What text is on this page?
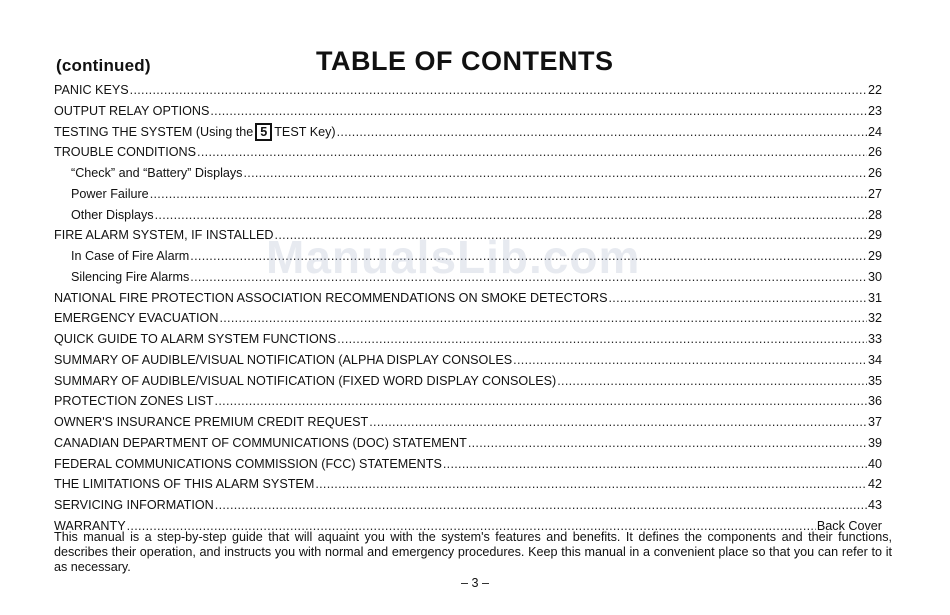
(continued)	TABLE OF CONTENTS
PANIC KEYS .....	22
OUTPUT RELAY OPTIONS .....	23
TESTING THE SYSTEM (Using the 5 TEST Key) .....	24
TROUBLE CONDITIONS .....	26
“Check” and “Battery” Displays .....	26
Power Failure .....	27
Other Displays .....	28
FIRE ALARM SYSTEM, IF INSTALLED .....	29
In Case of Fire Alarm .....	29
Silencing Fire Alarms .....	30
NATIONAL FIRE PROTECTION ASSOCIATION RECOMMENDATIONS ON SMOKE DETECTORS .....	31
EMERGENCY EVACUATION .....	32
QUICK GUIDE TO ALARM SYSTEM FUNCTIONS .....	33
SUMMARY OF AUDIBLE/VISUAL NOTIFICATION (ALPHA DISPLAY CONSOLES .....	34
SUMMARY OF AUDIBLE/VISUAL NOTIFICATION (FIXED WORD DISPLAY CONSOLES) .....	35
PROTECTION ZONES LIST .....	36
OWNER'S INSURANCE PREMIUM CREDIT REQUEST .....	37
CANADIAN DEPARTMENT OF COMMUNICATIONS (DOC) STATEMENT .....	39
FEDERAL COMMUNICATIONS COMMISSION (FCC) STATEMENTS .....	40
THE LIMITATIONS OF THIS ALARM SYSTEM .....	42
SERVICING INFORMATION .....	43
WARRANTY .....	Back Cover
This manual is a step-by-step guide that will aquaint you with the system's features and benefits. It defines the components and their functions, describes their operation, and instructs you with normal and emergency procedures. Keep this manual in a convenient place so that you can refer to it as necessary.
– 3 –
ManualsLib.com
